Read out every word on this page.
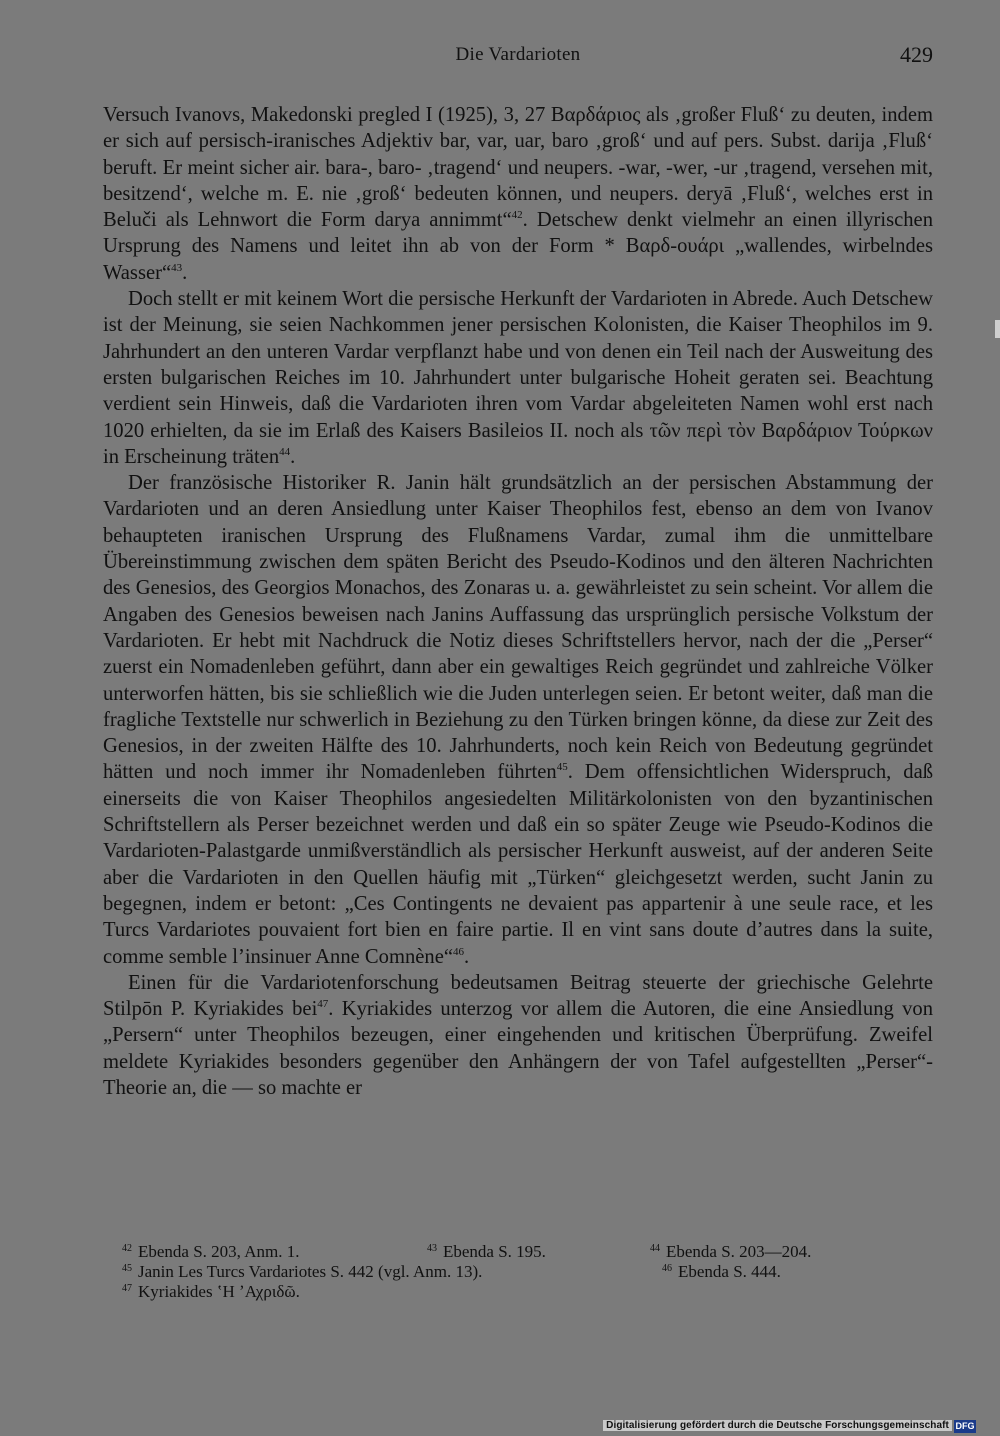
Die Vardarioten	429

Versuch Ivanovs, Makedonski pregled I (1925), 3, 27 Βαρδάριος als ‚großer Fluß‘ zu deuten, indem er sich auf persisch-iranisches Adjektiv bar, var, uar, baro ‚groß‘ und auf pers. Subst. darija ‚Fluß‘ beruft. Er meint sicher air. bara-, baro- ‚tragend‘ und neupers. -war, -wer, -ur ‚tragend, versehen mit, besitzend‘, welche m. E. nie ‚groß‘ bedeuten können, und neupers. deryā ‚Fluß‘, welches erst in Beluči als Lehnwort die Form darya annimmt“$^{42}$. Detschew denkt vielmehr an einen illyrischen Ursprung des Namens und leitet ihn ab von der Form * Βαρδ-ουάρι „wallendes, wirbelndes Wasser“$^{43}$.

Doch stellt er mit keinem Wort die persische Herkunft der Vardarioten in Abrede. Auch Detschew ist der Meinung, sie seien Nachkommen jener persischen Kolonisten, die Kaiser Theophilos im 9. Jahrhundert an den unteren Vardar verpflanzt habe und von denen ein Teil nach der Ausweitung des ersten bulgarischen Reiches im 10. Jahrhundert unter bulgarische Hoheit geraten sei. Beachtung verdient sein Hinweis, daß die Vardarioten ihren vom Vardar abgeleiteten Namen wohl erst nach 1020 erhielten, da sie im Erlaß des Kaisers Basileios II. noch als τῶν περὶ τὸν Βαρδάριον Τούρκων in Erscheinung träten$^{44}$.

Der französische Historiker R. Janin hält grundsätzlich an der persischen Abstammung der Vardarioten und an deren Ansiedlung unter Kaiser Theophilos fest, ebenso an dem von Ivanov behaupteten iranischen Ursprung des Flußnamens Vardar, zumal ihm die unmittelbare Übereinstimmung zwischen dem späten Bericht des Pseudo-Kodinos und den älteren Nachrichten des Genesios, des Georgios Monachos, des Zonaras u. a. gewährleistet zu sein scheint. Vor allem die Angaben des Genesios beweisen nach Janins Auffassung das ursprünglich persische Volkstum der Vardarioten. Er hebt mit Nachdruck die Notiz dieses Schriftstellers hervor, nach der die „Perser“ zuerst ein Nomadenleben geführt, dann aber ein gewaltiges Reich gegründet und zahlreiche Völker unterworfen hätten, bis sie schließlich wie die Juden unterlegen seien. Er betont weiter, daß man die fragliche Textstelle nur schwerlich in Beziehung zu den Türken bringen könne, da diese zur Zeit des Genesios, in der zweiten Hälfte des 10. Jahrhunderts, noch kein Reich von Bedeutung gegründet hätten und noch immer ihr Nomadenleben führten$^{45}$. Dem offensichtlichen Widerspruch, daß einerseits die von Kaiser Theophilos angesiedelten Militärkolonisten von den byzantinischen Schriftstellern als Perser bezeichnet werden und daß ein so später Zeuge wie Pseudo-Kodinos die Vardarioten-Palastgarde unmißverständlich als persischer Herkunft ausweist, auf der anderen Seite aber die Vardarioten in den Quellen häufig mit „Türken“ gleichgesetzt werden, sucht Janin zu begegnen, indem er betont: „Ces Contingents ne devaient pas appartenir à une seule race, et les Turcs Vardariotes pouvaient fort bien en faire partie. Il en vint sans doute d’autres dans la suite, comme semble l’insinuer Anne Comnène“$^{46}$.

Einen für die Vardariotenforschung bedeutsamen Beitrag steuerte der griechische Gelehrte Stilpōn P. Kyriakides bei$^{47}$. Kyriakides unterzog vor allem die Autoren, die eine Ansiedlung von „Persern“ unter Theophilos bezeugen, einer eingehenden und kritischen Überprüfung. Zweifel meldete Kyriakides besonders gegenüber den Anhängern der von Tafel aufgestellten „Perser“-Theorie an, die — so machte er

$^{42}$ Ebenda S. 203, Anm. 1.	$^{43}$ Ebenda S. 195.	$^{44}$ Ebenda S. 203—204.
$^{45}$ Janin Les Turcs Vardariotes S. 442 (vgl. Anm. 13).	$^{46}$ Ebenda S. 444.
$^{47}$ Kyriakides ʽΗ ʼΑχριδῶ.
Digitalisierung gefördert durch die Deutsche Forschungsgemeinschaft DFG
